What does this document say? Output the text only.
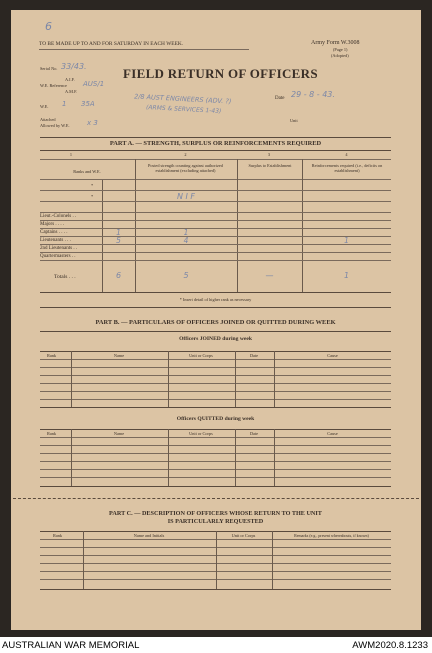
6
TO BE MADE UP TO AND FOR SATURDAY IN EACH WEEK.	Army Form W.3008
(Page 1)
(Adopted)
FIELD RETURN OF OFFICERS
Serial No. 33/43.
A.I.F.
W.E. Reference AUS/1
A.M.F.
W.E. 1 35A	2/8 AUST ENGINEERS (ADV. ?)
(ARMS & SERVICES 1-43)
Date 29 - 8 - 43.
Attached
Allowed by W.E. x 3	Unit
PART A. — STRENGTH, SURPLUS OR REINFORCEMENTS REQUIRED
1	2	3	4
Ranks and W.E.
Posted strength counting against authorized establishment (excluding attached)
Surplus to Establishment	Reinforcements required (i.e., deficits on establishment)
*
*	N I F
Lieut.-Colonels . .
Majors . . . .
Captains . . . .	1	1
Lieutenants . . .	5	4	1
2nd Lieutenants . .
Quartermasters . .
Totals . . .	6	5	—	1
* Insert detail of higher rank as necessary
PART B. — PARTICULARS OF OFFICERS JOINED OR QUITTED DURING WEEK
Officers JOINED during week
Rank	Name	Unit or Corps	Date	Cause
Officers QUITTED during week
Rank	Name	Unit or Corps	Date	Cause
PART C. — DESCRIPTION OF OFFICERS WHOSE RETURN TO THE UNIT
IS PARTICULARLY REQUESTED
Rank	Name and Initials	Unit or Corps	Remarks (e.g., present whereabouts, if known)
AUSTRALIAN WAR MEMORIAL	AWM2020.8.1233
